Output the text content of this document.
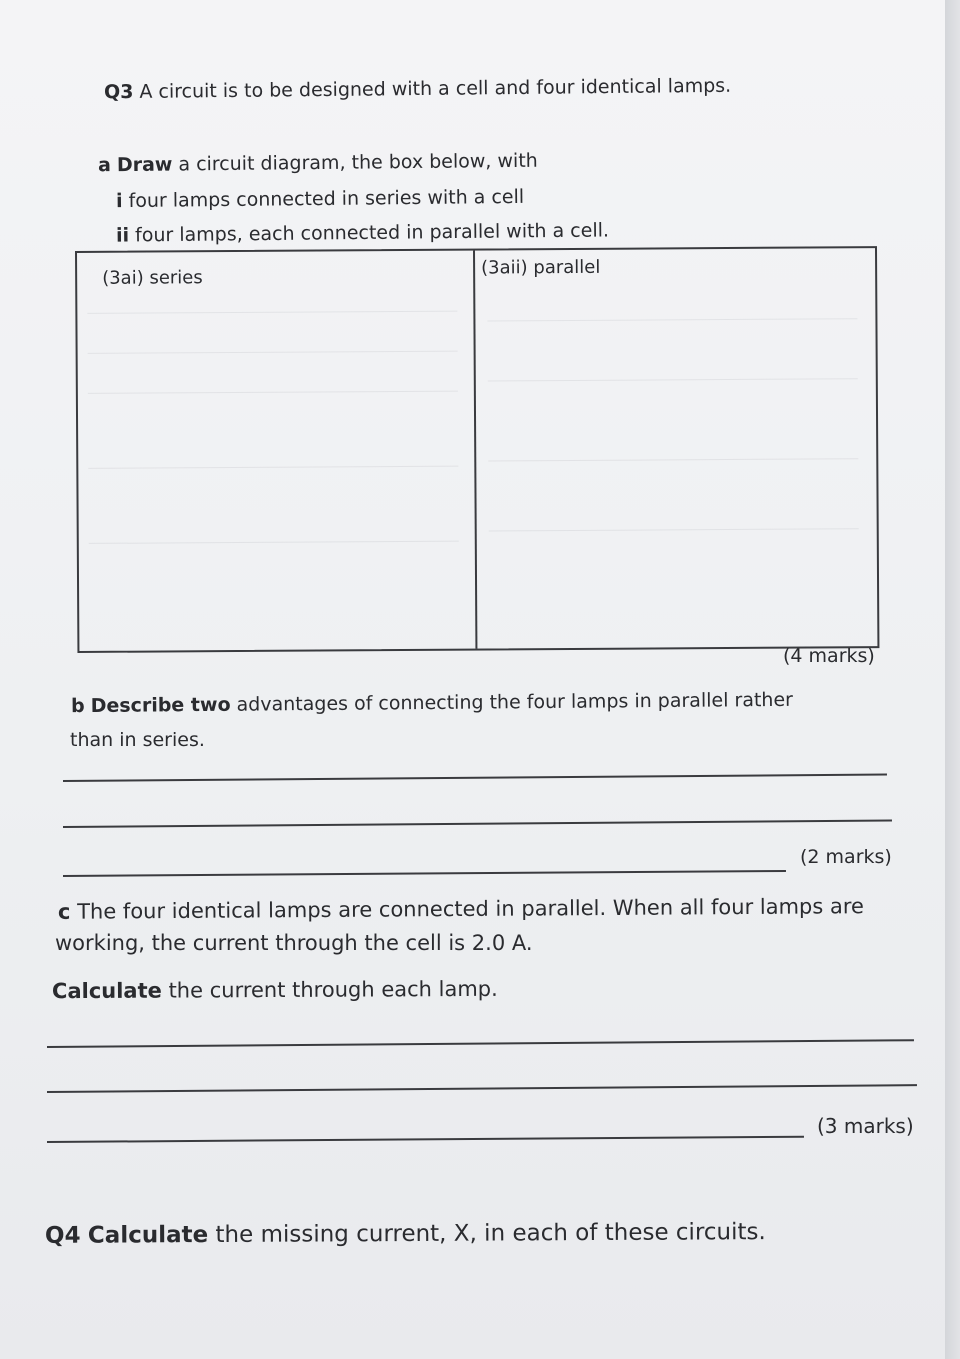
Q3 A circuit is to be designed with a cell and four identical lamps.
a Draw a circuit diagram, the box below, with
i four lamps connected in series with a cell
ii four lamps, each connected in parallel with a cell.
(3ai) series	(3aii) parallel
(4 marks)
b Describe two advantages of connecting the four lamps in parallel rather
than in series.
(2 marks)
c The four identical lamps are connected in parallel. When all four lamps are
working, the current through the cell is 2.0 A.
Calculate the current through each lamp.
(3 marks)
Q4 Calculate the missing current, X, in each of these circuits.
